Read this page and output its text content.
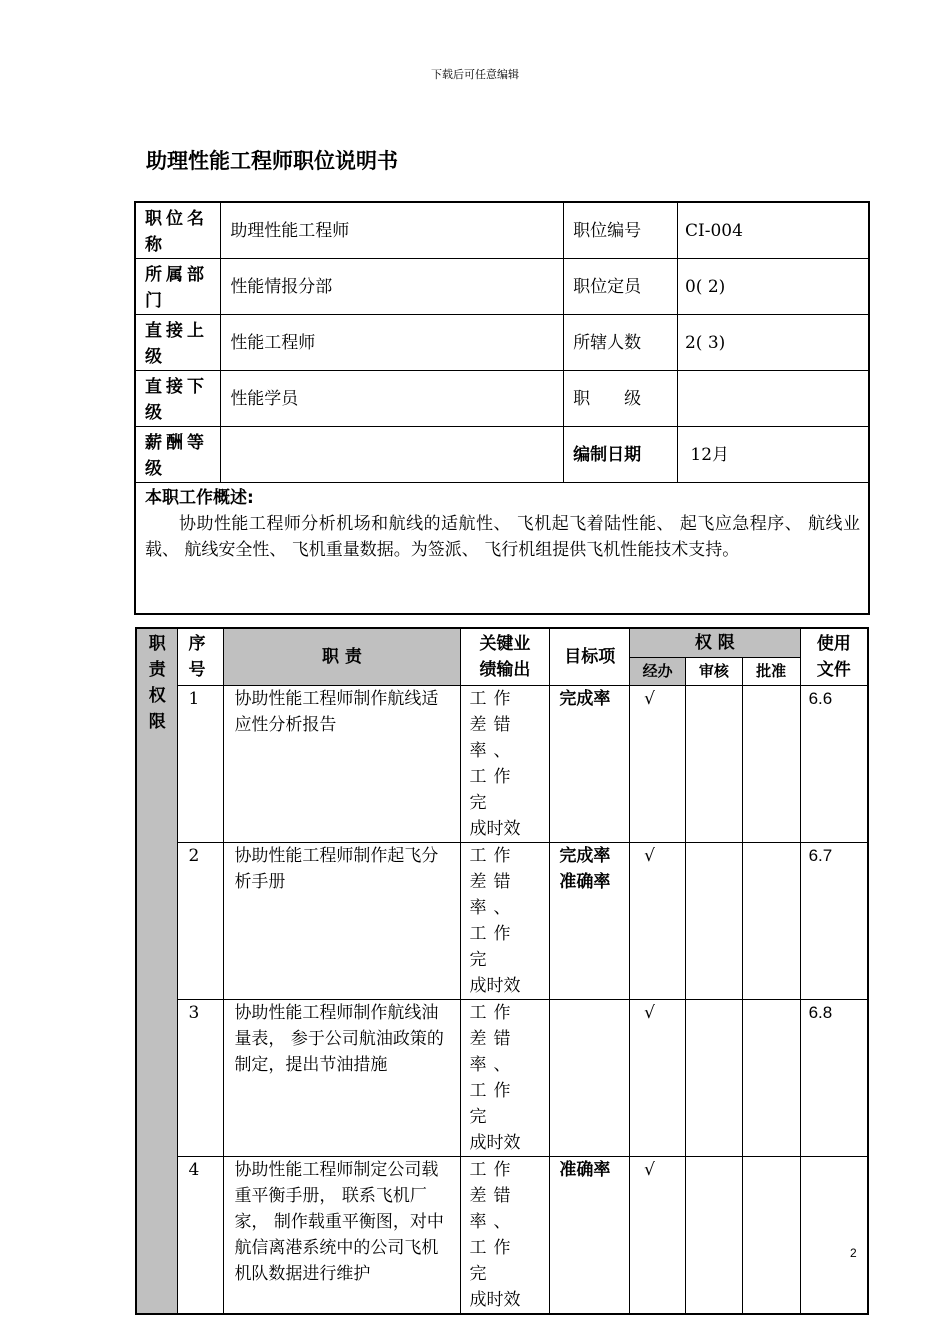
下载后可任意编辑
助理性能工程师职位说明书
职位名称	助理性能工程师	职位编号	CI-004
所属部门	性能情报分部	职位定员	0( 2)
直接上级	性能工程师	所辖人数	2( 3)
直接下级	性能学员	职　　级	
薪酬等级		编制日期	12月

本职工作概述:
协助性能工程师分析机场和航线的适航性、 飞机起飞着陆性能、 起飞应急程序、 航线业载、 航线安全性、 飞机重量数据。为签派、 飞行机组提供飞机性能技术支持。			
职责权限	序号	职 责	关键业绩输出	目标项	权 限			使用文件
					经办	审核	批准	
	1	协助性能工程师制作航线适应性分析报告	工作差错率、
工作完
成时效	完成率	√			6.6
	2	协助性能工程师制作起飞分析手册	工作差错率、
工作完
成时效	完成率准确率	√			6.7
	3	协助性能工程师制作航线油量表， 参于公司航油政策的制定，提出节油措施	工作差错率、
工作完
成时效		√			6.8
	4	协助性能工程师制定公司载重平衡手册， 联系飞机厂家， 制作载重平衡图，对中航信离港系统中的公司飞机机队数据进行维护	工作差错率、
工作完
成时效	准确率	√			
2
